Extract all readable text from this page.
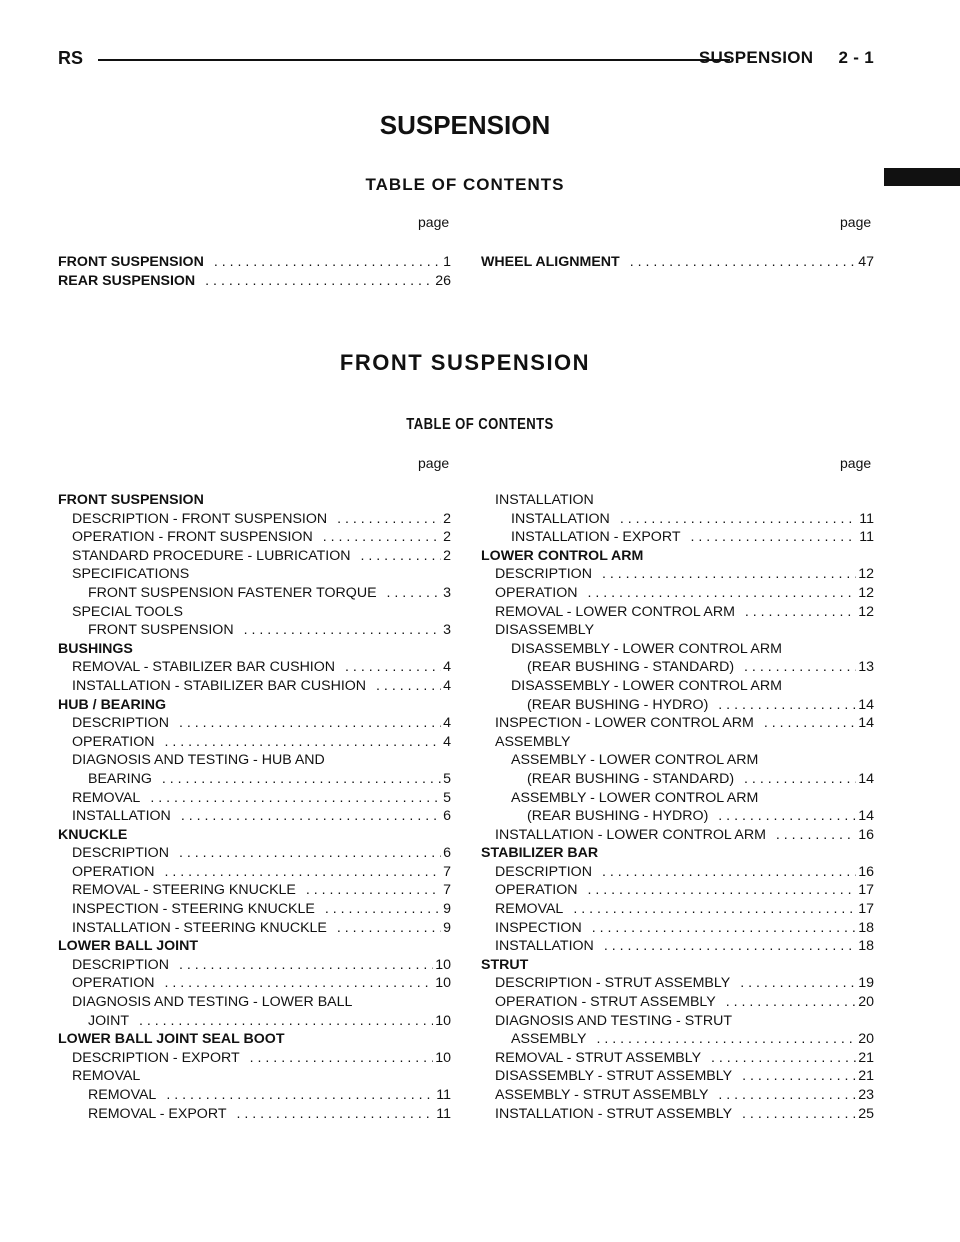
RS	SUSPENSION     2 - 1
SUSPENSION
TABLE OF CONTENTS
page	page
FRONT SUSPENSION . . .	1
REAR SUSPENSION . . .	26
WHEEL ALIGNMENT . . .	47
FRONT SUSPENSION
TABLE OF CONTENTS
page	page
FRONT SUSPENSION
DESCRIPTION - FRONT SUSPENSION . . .	2
OPERATION - FRONT SUSPENSION . . .	2
STANDARD PROCEDURE - LUBRICATION . . .	2
SPECIFICATIONS
FRONT SUSPENSION FASTENER TORQUE . . .	3
SPECIAL TOOLS
FRONT SUSPENSION . . .	3
BUSHINGS
REMOVAL - STABILIZER BAR CUSHION . . .	4
INSTALLATION - STABILIZER BAR CUSHION . . .	4
HUB / BEARING
DESCRIPTION . . .	4
OPERATION . . .	4
DIAGNOSIS AND TESTING - HUB AND
BEARING . . .	5
REMOVAL . . .	5
INSTALLATION . . .	6
KNUCKLE
DESCRIPTION . . .	6
OPERATION . . .	7
REMOVAL - STEERING KNUCKLE . . .	7
INSPECTION - STEERING KNUCKLE . . .	9
INSTALLATION - STEERING KNUCKLE . . .	9
LOWER BALL JOINT
DESCRIPTION . . .	10
OPERATION . . .	10
DIAGNOSIS AND TESTING - LOWER BALL
JOINT . . .	10
LOWER BALL JOINT SEAL BOOT
DESCRIPTION - EXPORT . . .	10
REMOVAL
REMOVAL . . .	11
REMOVAL - EXPORT . . .	11
INSTALLATION
INSTALLATION . . .	11
INSTALLATION - EXPORT . . .	11
LOWER CONTROL ARM
DESCRIPTION . . .	12
OPERATION . . .	12
REMOVAL - LOWER CONTROL ARM . . .	12
DISASSEMBLY
DISASSEMBLY - LOWER CONTROL ARM
(REAR BUSHING - STANDARD) . . .	13
DISASSEMBLY - LOWER CONTROL ARM
(REAR BUSHING - HYDRO) . . .	14
INSPECTION - LOWER CONTROL ARM . . .	14
ASSEMBLY
ASSEMBLY - LOWER CONTROL ARM
(REAR BUSHING - STANDARD) . . .	14
ASSEMBLY - LOWER CONTROL ARM
(REAR BUSHING - HYDRO) . . .	14
INSTALLATION - LOWER CONTROL ARM . . .	16
STABILIZER BAR
DESCRIPTION . . .	16
OPERATION . . .	17
REMOVAL . . .	17
INSPECTION . . .	18
INSTALLATION . . .	18
STRUT
DESCRIPTION - STRUT ASSEMBLY . . .	19
OPERATION - STRUT ASSEMBLY . . .	20
DIAGNOSIS AND TESTING - STRUT
ASSEMBLY . . .	20
REMOVAL - STRUT ASSEMBLY . . .	21
DISASSEMBLY - STRUT ASSEMBLY . . .	21
ASSEMBLY - STRUT ASSEMBLY . . .	23
INSTALLATION - STRUT ASSEMBLY . . .	25
